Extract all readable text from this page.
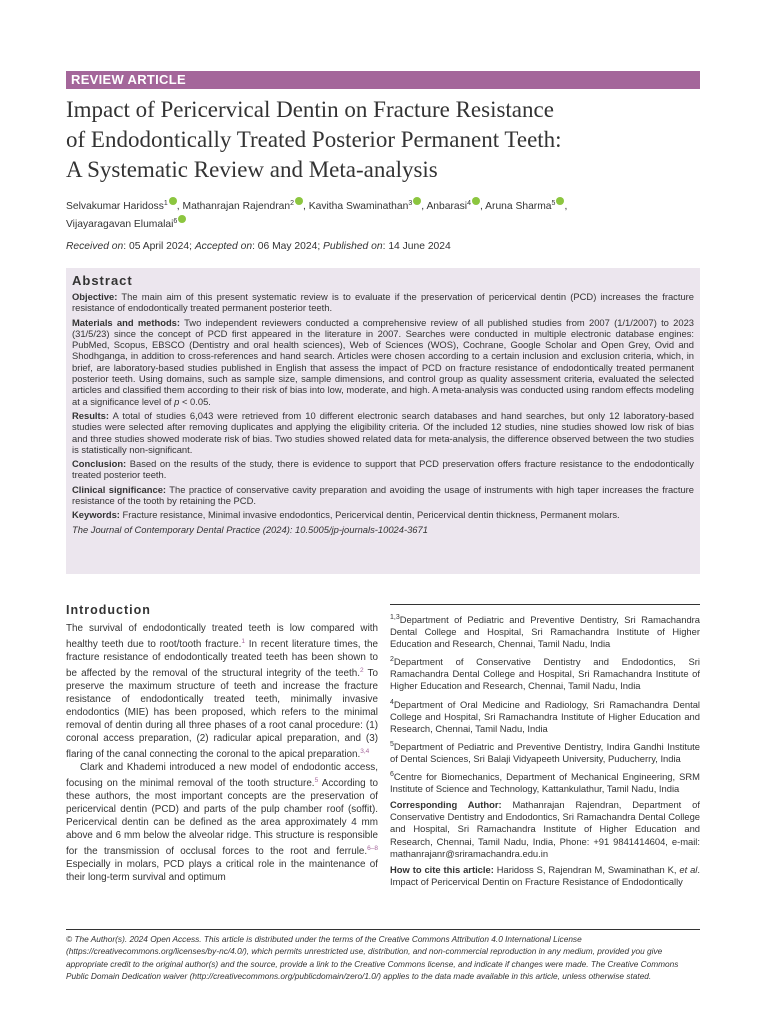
REVIEW ARTICLE
Impact of Pericervical Dentin on Fracture Resistance
of Endodontically Treated Posterior Permanent Teeth:
A Systematic Review and Meta-analysis
Selvakumar Haridoss$^1$ , Mathanrajan Rajendran$^2$ , Kavitha Swaminathan$^3$ , Anbarasi$^4$ , Aruna Sharma$^5$ ,
Vijayaragavan Elumalai$^6$
Received on: 05 April 2024; Accepted on: 06 May 2024; Published on: 14 June 2024
Abstract

Objective: The main aim of this present systematic review is to evaluate if the preservation of pericervical dentin (PCD) increases the fracture resistance of endodontically treated permanent posterior teeth.

Materials and methods: Two independent reviewers conducted a comprehensive review of all published studies from 2007 (1/1/2007) to 2023 (31/5/23) since the concept of PCD first appeared in the literature in 2007. Searches were conducted in multiple electronic database engines: PubMed, Scopus, EBSCO (Dentistry and oral health sciences), Web of Sciences (WOS), Cochrane, Google Scholar and Open Grey, Ovid and Shodhganga, in addition to cross-references and hand search. Articles were chosen according to a certain inclusion and exclusion criteria, which, in brief, are laboratory-based studies published in English that assess the impact of PCD on fracture resistance of endodontically treated permanent posterior teeth. Using domains, such as sample size, sample dimensions, and control group as quality assessment criteria, evaluated the selected articles and classified them according to their risk of bias into low, moderate, and high. A meta-analysis was conducted using random effects modeling at a significance level of p < 0.05.

Results: A total of studies 6,043 were retrieved from 10 different electronic search databases and hand searches, but only 12 laboratory-based studies were selected after removing duplicates and applying the eligibility criteria. Of the included 12 studies, nine studies showed low risk of bias and three studies showed moderate risk of bias. Two studies showed related data for meta-analysis, the difference observed between the two studies is statistically non-significant.

Conclusion: Based on the results of the study, there is evidence to support that PCD preservation offers fracture resistance to the endodontically treated posterior teeth.

Clinical significance: The practice of conservative cavity preparation and avoiding the usage of instruments with high taper increases the fracture resistance of the tooth by retaining the PCD.

Keywords: Fracture resistance, Minimal invasive endodontics, Pericervical dentin, Pericervical dentin thickness, Permanent molars.

The Journal of Contemporary Dental Practice (2024): 10.5005/jp-journals-10024-3671

Introduction

The survival of endodontically treated teeth is low compared with healthy teeth due to root/tooth fracture.$^1$ In recent literature times, the fracture resistance of endodontically treated teeth has been shown to be affected by the removal of the structural integrity of the teeth.$^2$ To preserve the maximum structure of teeth and increase the fracture resistance of endodontically treated teeth, minimally invasive endodontics (MIE) has been proposed, which refers to the minimal removal of dentin during all three phases of a root canal procedure: (1) coronal access preparation, (2) radicular apical preparation, and (3) flaring of the canal connecting the coronal to the apical preparation.$^{3,4}$

Clark and Khademi introduced a new model of endodontic access, focusing on the minimal removal of the tooth structure.$^5$ According to these authors, the most important concepts are the preservation of pericervical dentin (PCD) and parts of the pulp chamber roof (soffit). Pericervical dentin can be defined as the area approximately 4 mm above and 6 mm below the alveolar ridge. This structure is responsible for the transmission of occlusal forces to the root and ferrule.$^{6-8}$ Especially in molars, PCD plays a critical role in the maintenance of their long-term survival and optimum

$^{1,3}$Department of Pediatric and Preventive Dentistry, Sri Ramachandra Dental College and Hospital, Sri Ramachandra Institute of Higher Education and Research, Chennai, Tamil Nadu, India

$^2$Department of Conservative Dentistry and Endodontics, Sri Ramachandra Dental College and Hospital, Sri Ramachandra Institute of Higher Education and Research, Chennai, Tamil Nadu, India

$^4$Department of Oral Medicine and Radiology, Sri Ramachandra Dental College and Hospital, Sri Ramachandra Institute of Higher Education and Research, Chennai, Tamil Nadu, India

$^5$Department of Pediatric and Preventive Dentistry, Indira Gandhi Institute of Dental Sciences, Sri Balaji Vidyapeeth University, Puducherry, India

$^6$Centre for Biomechanics, Department of Mechanical Engineering, SRM Institute of Science and Technology, Kattankulathur, Tamil Nadu, India

Corresponding Author: Mathanrajan Rajendran, Department of Conservative Dentistry and Endodontics, Sri Ramachandra Dental College and Hospital, Sri Ramachandra Institute of Higher Education and Research, Chennai, Tamil Nadu, India, Phone: +91 9841414604, e-mail: mathanrajanr@sriramachandra.edu.in

How to cite this article: Haridoss S, Rajendran M, Swaminathan K, et al. Impact of Pericervical Dentin on Fracture Resistance of Endodontically

© The Author(s). 2024 Open Access. This article is distributed under the terms of the Creative Commons Attribution 4.0 International License (https://creativecommons.org/licenses/by-nc/4.0/), which permits unrestricted use, distribution, and non-commercial reproduction in any medium, provided you give appropriate credit to the original author(s) and the source, provide a link to the Creative Commons license, and indicate if changes were made. The Creative Commons Public Domain Dedication waiver (http://creativecommons.org/publicdomain/zero/1.0/) applies to the data made available in this article, unless otherwise stated.
